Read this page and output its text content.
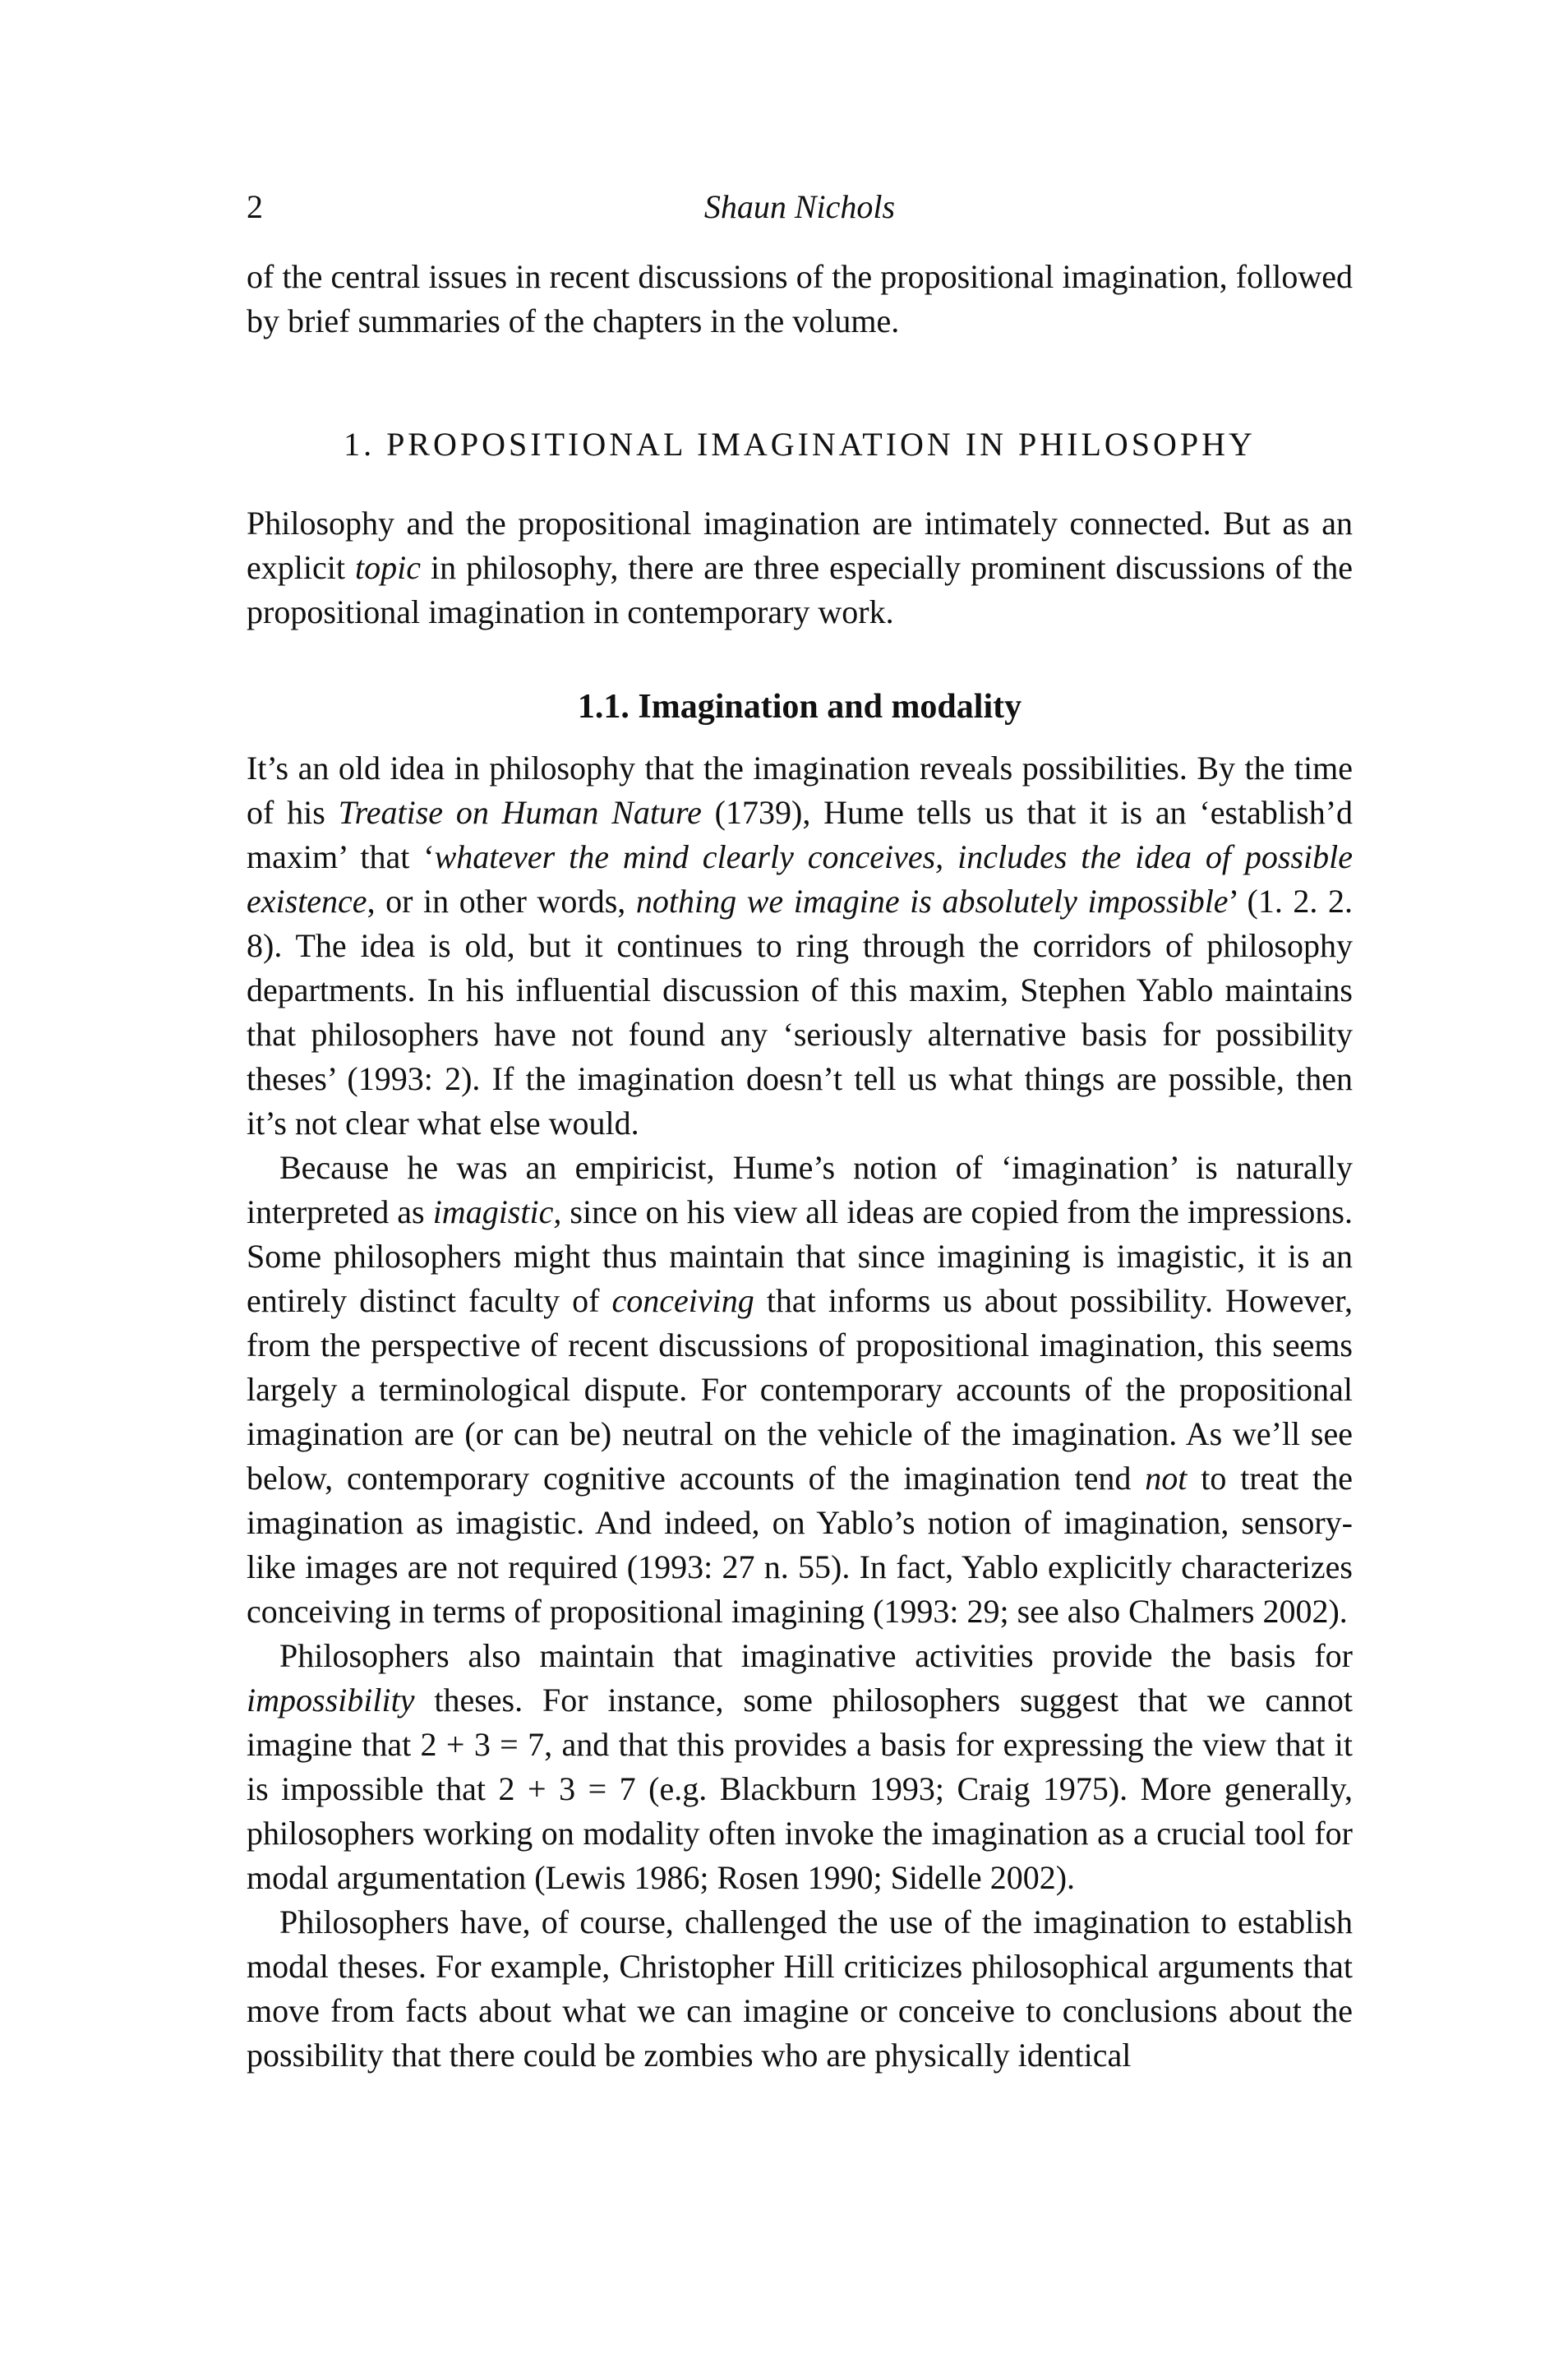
2	Shaun Nichols

of the central issues in recent discussions of the propositional imagination, followed by brief summaries of the chapters in the volume.

1. PROPOSITIONAL IMAGINATION IN PHILOSOPHY

Philosophy and the propositional imagination are intimately connected. But as an explicit topic in philosophy, there are three especially prominent discussions of the propositional imagination in contemporary work.

1.1. Imagination and modality

It’s an old idea in philosophy that the imagination reveals possibilities. By the time of his Treatise on Human Nature (1739), Hume tells us that it is an ‘establish’d maxim’ that ‘whatever the mind clearly conceives, includes the idea of possible existence, or in other words, nothing we imagine is absolutely impossible’ (1. 2. 2. 8). The idea is old, but it continues to ring through the corridors of philosophy departments. In his influential discussion of this maxim, Stephen Yablo maintains that philosophers have not found any ‘seriously alternative basis for possibility theses’ (1993: 2). If the imagination doesn’t tell us what things are possible, then it’s not clear what else would.

Because he was an empiricist, Hume’s notion of ‘imagination’ is naturally interpreted as imagistic, since on his view all ideas are copied from the impressions. Some philosophers might thus maintain that since imagining is imagistic, it is an entirely distinct faculty of conceiving that informs us about possibility. However, from the perspective of recent discussions of propositional imagination, this seems largely a terminological dispute. For contemporary accounts of the propositional imagination are (or can be) neutral on the vehicle of the imagination. As we’ll see below, contemporary cognitive accounts of the imagination tend not to treat the imagination as imagistic. And indeed, on Yablo’s notion of imagination, sensory-like images are not required (1993: 27 n. 55). In fact, Yablo explicitly characterizes conceiving in terms of propositional imagining (1993: 29; see also Chalmers 2002).

Philosophers also maintain that imaginative activities provide the basis for impossibility theses. For instance, some philosophers suggest that we cannot imagine that 2 + 3 = 7, and that this provides a basis for expressing the view that it is impossible that 2 + 3 = 7 (e.g. Blackburn 1993; Craig 1975). More generally, philosophers working on modality often invoke the imagination as a crucial tool for modal argumentation (Lewis 1986; Rosen 1990; Sidelle 2002).

Philosophers have, of course, challenged the use of the imagination to establish modal theses. For example, Christopher Hill criticizes philosophical arguments that move from facts about what we can imagine or conceive to conclusions about the possibility that there could be zombies who are physically identical
